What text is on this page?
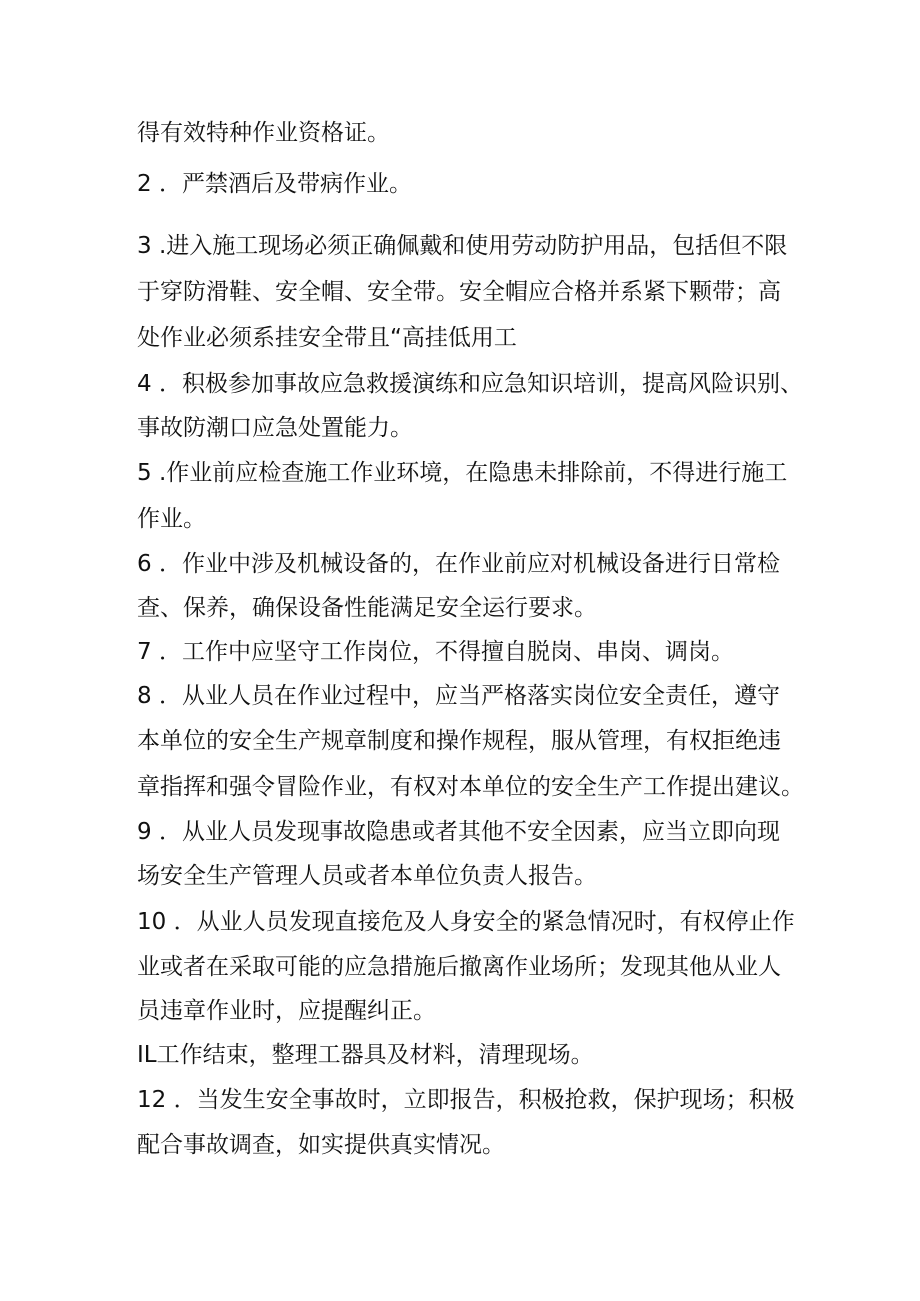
得有效特种作业资格证。
2 ．严禁酒后及带病作业。
3 .进入施工现场必须正确佩戴和使用劳动防护用品，包括但不限
于穿防滑鞋、安全帽、安全带。安全帽应合格并系紧下颗带；高
处作业必须系挂安全带且“高挂低用工
4 ．积极参加事故应急救援演练和应急知识培训，提高风险识别、
事故防潮口应急处置能力。
5 .作业前应检查施工作业环境，在隐患未排除前，不得进行施工
作业。
6 ．作业中涉及机械设备的，在作业前应对机械设备进行日常检
查、保养，确保设备性能满足安全运行要求。
7 ．工作中应坚守工作岗位，不得擅自脱岗、串岗、调岗。
8 ．从业人员在作业过程中，应当严格落实岗位安全责任，遵守
本单位的安全生产规章制度和操作规程，服从管理，有权拒绝违
章指挥和强令冒险作业，有权对本单位的安全生产工作提出建议。
9 ．从业人员发现事故隐患或者其他不安全因素，应当立即向现
场安全生产管理人员或者本单位负责人报告。
10 ．从业人员发现直接危及人身安全的紧急情况时，有权停止作
业或者在采取可能的应急措施后撤离作业场所；发现其他从业人
员违章作业时，应提醒纠正。
IL工作结束，整理工器具及材料，清理现场。
12 ．当发生安全事故时，立即报告，积极抢救，保护现场；积极
配合事故调查，如实提供真实情况。
